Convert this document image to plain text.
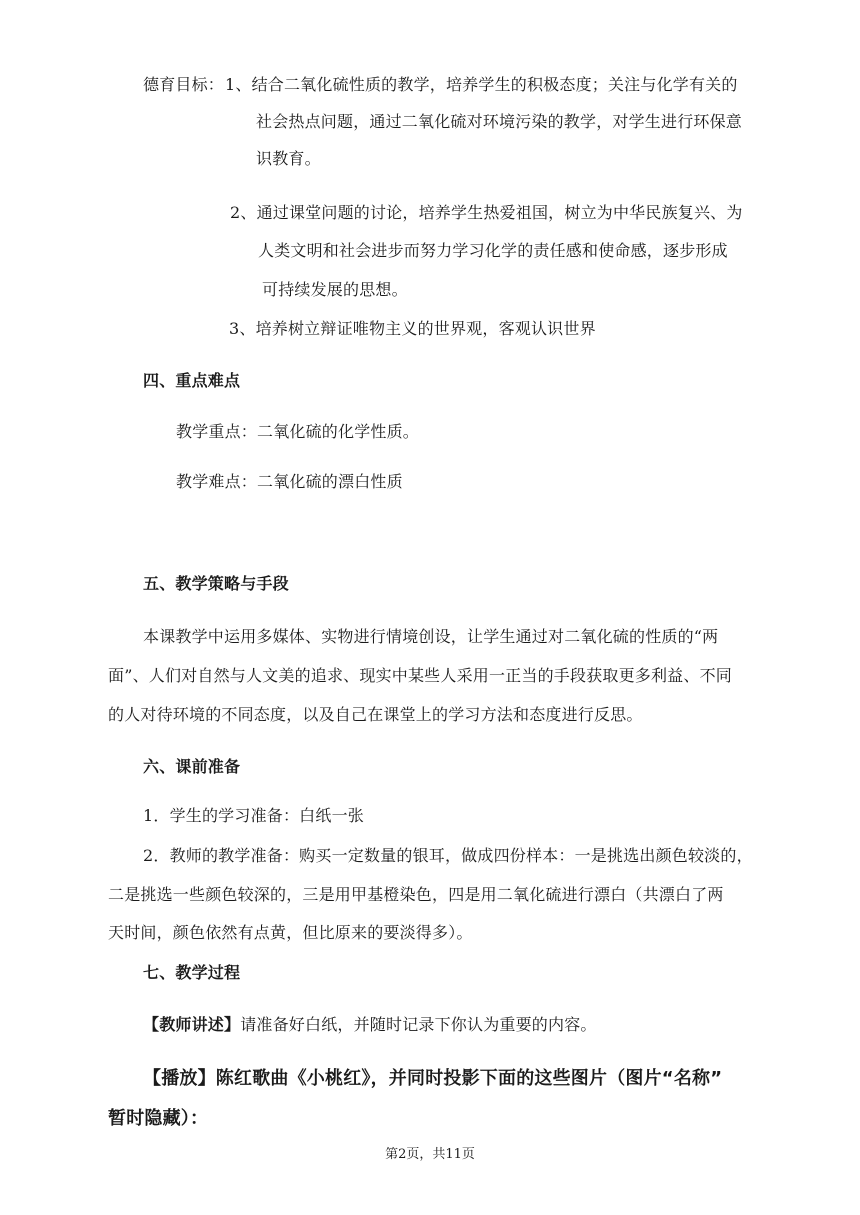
德育目标： 1、结合二氧化硫性质的教学，培养学生的积极态度；关注与化学有关的
社会热点问题，通过二氧化硫对环境污染的教学，对学生进行环保意
识教育。
2、通过课堂问题的讨论，培养学生热爱祖国，树立为中华民族复兴、为
人类文明和社会进步而努力学习化学的责任感和使命感，逐步形成
可持续发展的思想。
3、培养树立辩证唯物主义的世界观，客观认识世界
四、重点难点
教学重点：二氧化硫的化学性质。
教学难点：二氧化硫的漂白性质
五、教学策略与手段
本课教学中运用多媒体、实物进行情境创设，让学生通过对二氧化硫的性质的“两
面”、人们对自然与人文美的追求、现实中某些人采用一正当的手段获取更多利益、不同
的人对待环境的不同态度，以及自己在课堂上的学习方法和态度进行反思。
六、课前准备
1．学生的学习准备：白纸一张
2．教师的教学准备：购买一定数量的银耳，做成四份样本：一是挑选出颜色较淡的，
二是挑选一些颜色较深的，三是用甲基橙染色，四是用二氧化硫进行漂白（共漂白了两
天时间，颜色依然有点黄，但比原来的要淡得多）。
七、教学过程
【教师讲述】请准备好白纸，并随时记录下你认为重要的内容。
【播放】陈红歌曲《小桃红》，并同时投影下面的这些图片（图片“名称”
暂时隐藏）：
第2页，共11页
